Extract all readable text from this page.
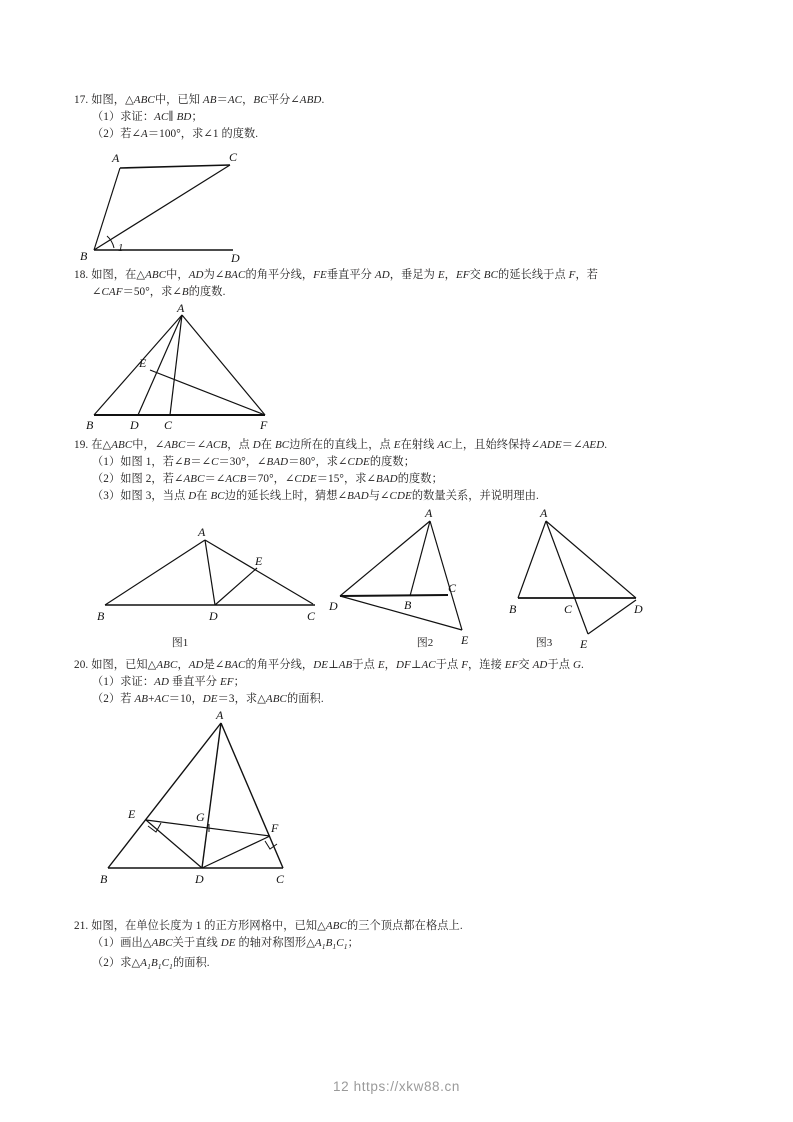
17. 如图，△ABC中，已知 AB＝AC，BC平分∠ABD.
（1）求证：AC∥ BD；
（2）若∠A＝100°，求∠1 的度数.
A	C
B	D
1
18. 如图，在△ABC中，AD为∠BAC的角平分线，FE垂直平分 AD，垂足为 E，EF交 BC的延长线于点 F，若
∠CAF＝50°，求∠B的度数.
A
B	D C	F
E
19. 在△ABC中，∠ABC＝∠ACB，点 D在 BC边所在的直线上，点 E在射线 AC上，且始终保持∠ADE＝∠AED.
（1）如图 1，若∠B＝∠C＝30°，∠BAD＝80°，求∠CDE的度数；
（2）如图 2，若∠ABC＝∠ACB＝70°，∠CDE＝15°，求∠BAD的度数；
（3）如图 3，当点 D在 BC边的延长线上时，猜想∠BAD与∠CDE的数量关系，并说明理由.
A
E
B	D	C
图1
A
D	B
C
E
图2
A
B	C
E
D
图3
20. 如图，已知△ABC，AD是∠BAC的角平分线，DE⊥AB于点 E，DF⊥AC于点 F，连接 EF交 AD于点 G.
（1）求证：AD 垂直平分 EF；
（2）若 AB+AC＝10，DE＝3，求△ABC的面积.
A
E	G
F
B	D	C
21. 如图，在单位长度为 1 的正方形网格中，已知△ABC的三个顶点都在格点上.
（1）画出△ABC关于直线 DE 的轴对称图形$\triangle A_1B_1C_1$；
（2）求$\triangle A_1B_1C_1$的面积.
12 https://xkw88.cn
